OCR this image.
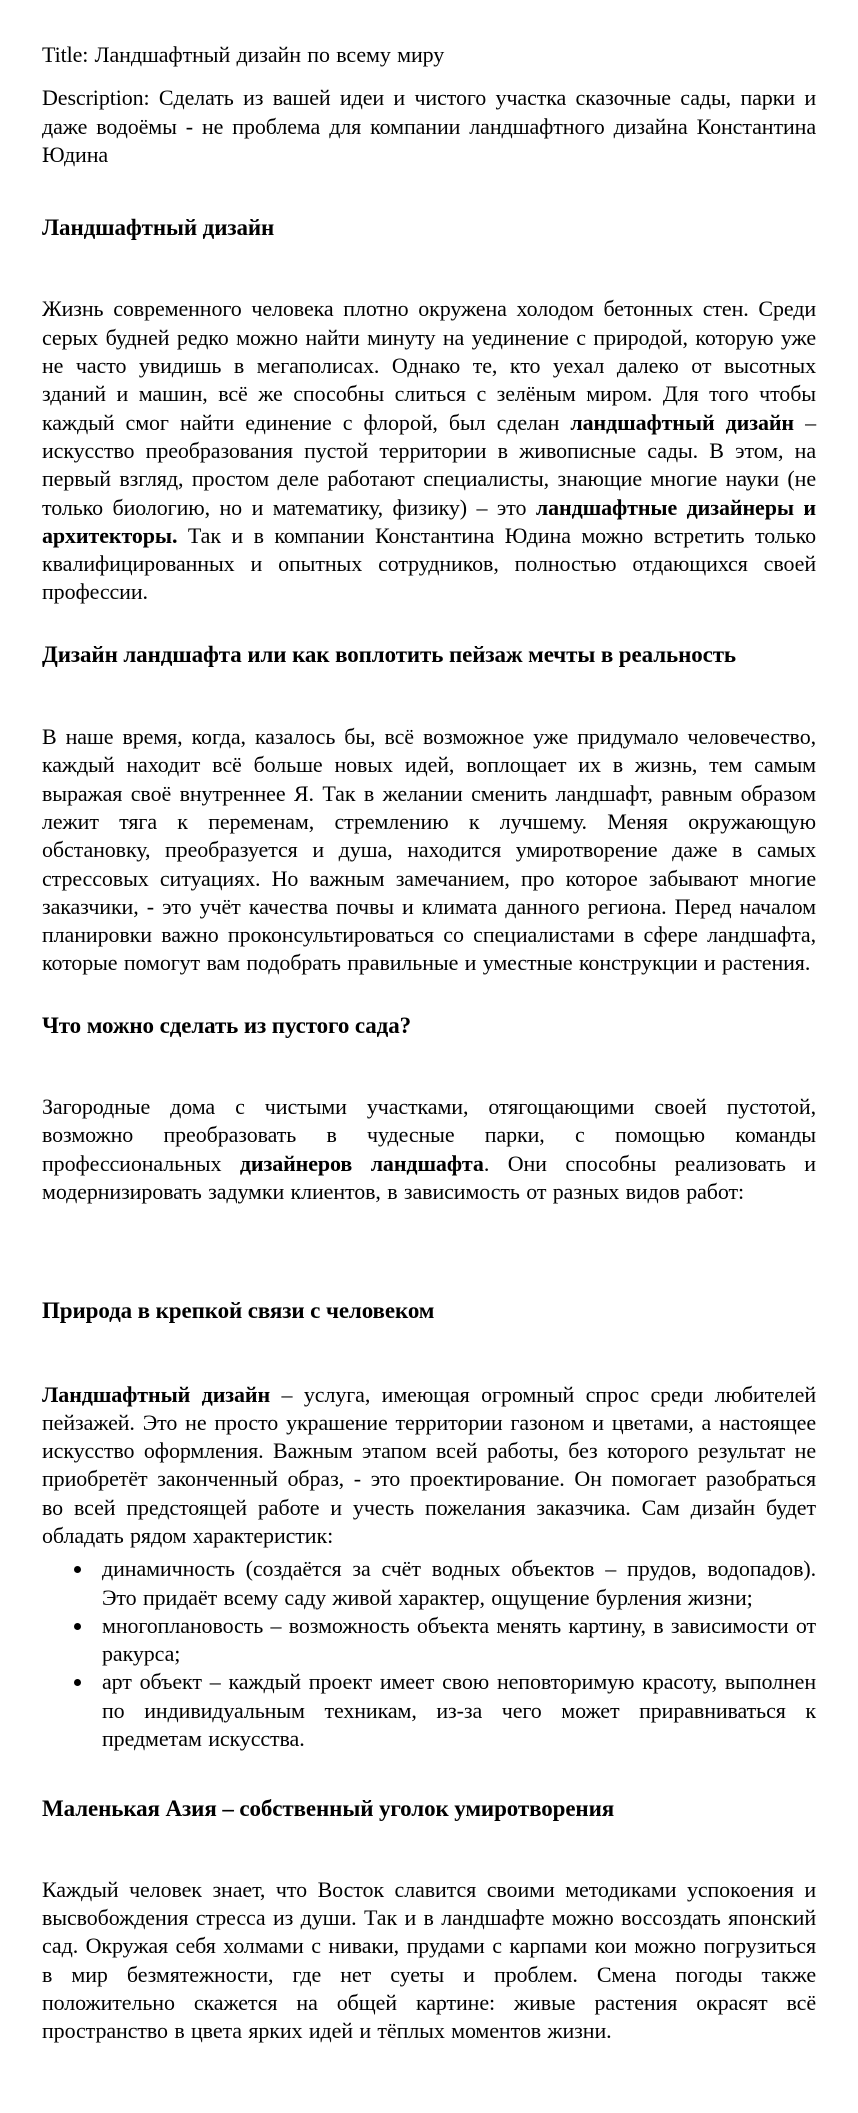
Title: Ландшафтный дизайн по всему миру

Description: Сделать из вашей идеи и чистого участка сказочные сады, парки и даже водоёмы - не проблема для компании ландшафтного дизайна Константина Юдина

Ландшафтный дизайн

Жизнь современного человека плотно окружена холодом бетонных стен. Среди серых будней редко можно найти минуту на уединение с природой, которую уже не часто увидишь в мегаполисах. Однако те, кто уехал далеко от высотных зданий и машин, всё же способны слиться с зелёным миром. Для того чтобы каждый смог найти единение с флорой, был сделан ландшафтный дизайн – искусство преобразования пустой территории в живописные сады. В этом, на первый взгляд, простом деле работают специалисты, знающие многие науки (не только биологию, но и математику, физику) – это ландшафтные дизайнеры и архитекторы. Так и в компании Константина Юдина можно встретить только квалифицированных и опытных сотрудников, полностью отдающихся своей профессии.

Дизайн ландшафта или как воплотить пейзаж мечты в реальность

В наше время, когда, казалось бы, всё возможное уже придумало человечество, каждый находит всё больше новых идей, воплощает их в жизнь, тем самым выражая своё внутреннее Я. Так в желании сменить ландшафт, равным образом лежит тяга к переменам, стремлению к лучшему. Меняя окружающую обстановку, преобразуется и душа, находится умиротворение даже в самых стрессовых ситуациях. Но важным замечанием, про которое забывают многие заказчики, - это учёт качества почвы и климата данного региона. Перед началом планировки важно проконсультироваться со специалистами в сфере ландшафта, которые помогут вам подобрать правильные и уместные конструкции и растения.

Что можно сделать из пустого сада?

Загородные дома с чистыми участками, отягощающими своей пустотой, возможно преобразовать в чудесные парки, с помощью команды профессиональных дизайнеров ландшафта. Они способны реализовать и модернизировать задумки клиентов, в зависимость от разных видов работ:

Природа в крепкой связи с человеком

Ландшафтный дизайн – услуга, имеющая огромный спрос среди любителей пейзажей. Это не просто украшение территории газоном и цветами, а настоящее искусство оформления. Важным этапом всей работы, без которого результат не приобретёт законченный образ, - это проектирование. Он помогает разобраться во всей предстоящей работе и учесть пожелания заказчика. Сам дизайн будет обладать рядом характеристик:

динамичность (создаётся за счёт водных объектов – прудов, водопадов). Это придаёт всему саду живой характер, ощущение бурления жизни;
многоплановость – возможность объекта менять картину, в зависимости от ракурса;
арт объект – каждый проект имеет свою неповторимую красоту, выполнен по индивидуальным техникам, из-за чего может приравниваться к предметам искусства.
Маленькая Азия – собственный уголок умиротворения

Каждый человек знает, что Восток славится своими методиками успокоения и высвобождения стресса из души. Так и в ландшафте можно воссоздать японский сад. Окружая себя холмами с ниваки, прудами с карпами кои можно погрузиться в мир безмятежности, где нет суеты и проблем. Смена погоды также положительно скажется на общей картине: живые растения окрасят всё пространство в цвета ярких идей и тёплых моментов жизни.
